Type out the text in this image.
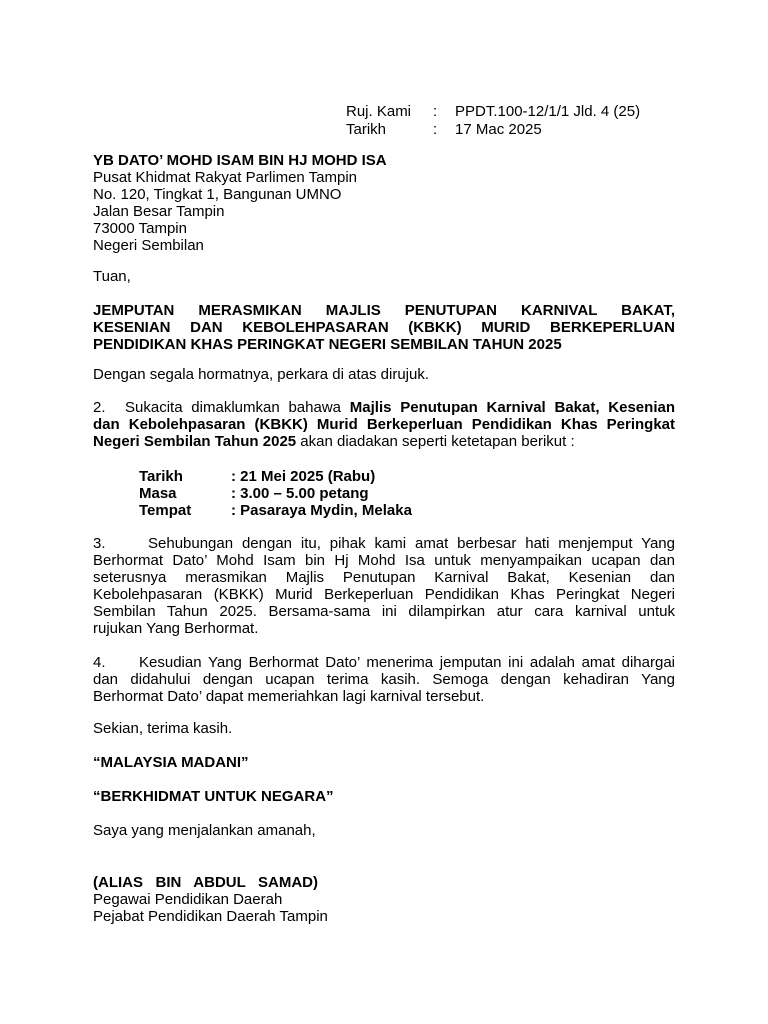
Ruj. Kami	:	PPDT.100-12/1/1 Jld. 4 (25)
Tarikh	:	17 Mac 2025
YB DATO’ MOHD ISAM BIN HJ MOHD ISA
Pusat Khidmat Rakyat Parlimen Tampin
No. 120, Tingkat 1, Bangunan UMNO
Jalan Besar Tampin
73000 Tampin
Negeri Sembilan
Tuan,
JEMPUTAN MERASMIKAN MAJLIS PENUTUPAN KARNIVAL BAKAT,
KESENIAN DAN KEBOLEHPASARAN (KBKK) MURID BERKEPERLUAN
PENDIDIKAN KHAS PERINGKAT NEGERI SEMBILAN TAHUN 2025
Dengan segala hormatnya, perkara di atas dirujuk.
2. Sukacita dimaklumkan bahawa Majlis Penutupan Karnival Bakat, Kesenian
dan Kebolehpasaran (KBKK) Murid Berkeperluan Pendidikan Khas Peringkat
Negeri Sembilan Tahun 2025 akan diadakan seperti ketetapan berikut :
Tarikh	: 21 Mei 2025 (Rabu)
Masa	: 3.00 – 5.00 petang
Tempat	: Pasaraya Mydin, Melaka
3.	Sehubungan dengan itu, pihak kami amat berbesar hati menjemput Yang
Berhormat Dato’ Mohd Isam bin Hj Mohd Isa untuk menyampaikan ucapan dan
seterusnya merasmikan Majlis Penutupan Karnival Bakat, Kesenian dan
Kebolehpasaran (KBKK) Murid Berkeperluan Pendidikan Khas Peringkat Negeri
Sembilan Tahun 2025. Bersama-sama ini dilampirkan atur cara karnival untuk
rujukan Yang Berhormat.
4. Kesudian Yang Berhormat Dato’ menerima jemputan ini adalah amat dihargai
dan didahului dengan ucapan terima kasih. Semoga dengan kehadiran Yang
Berhormat Dato’ dapat memeriahkan lagi karnival tersebut.
Sekian, terima kasih.
“MALAYSIA MADANI”
“BERKHIDMAT UNTUK NEGARA”
Saya yang menjalankan amanah,
(ALIAS   BIN   ABDUL   SAMAD)
Pegawai Pendidikan Daerah
Pejabat Pendidikan Daerah Tampin
